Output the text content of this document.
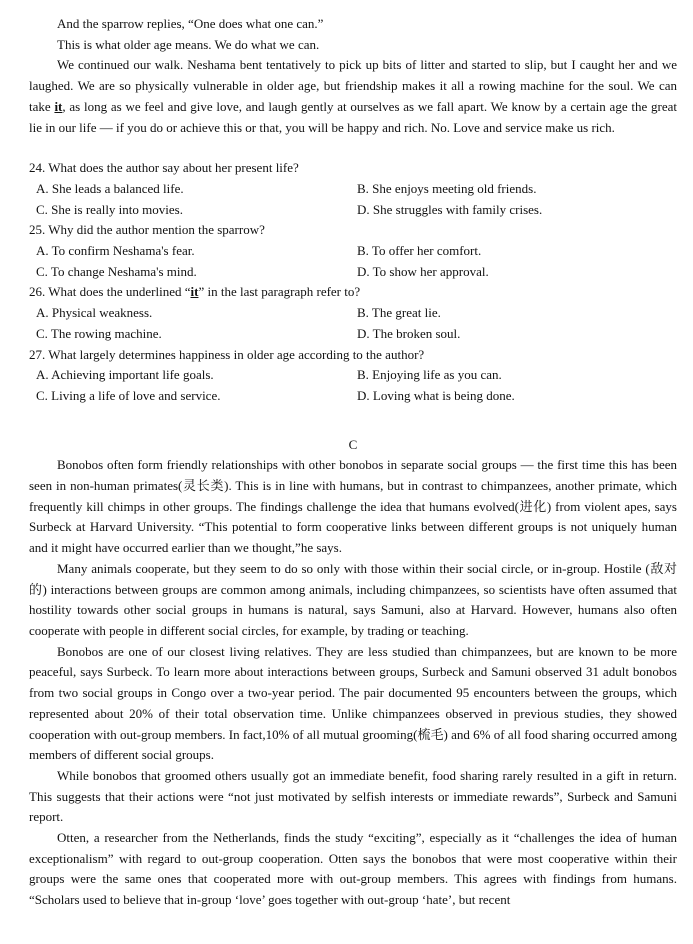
And the sparrow replies, “One does what one can.”

This is what older age means. We do what we can.

We continued our walk. Neshama bent tentatively to pick up bits of litter and started to slip, but I caught her and we laughed. We are so physically vulnerable in older age, but friendship makes it all a rowing machine for the soul. We can take it, as long as we feel and give love, and laugh gently at ourselves as we fall apart. We know by a certain age the great lie in our life — if you do or achieve this or that, you will be happy and rich. No. Love and service make us rich.

24. What does the author say about her present life?

A. She leads a balanced life.	B. She enjoys meeting old friends.
C. She is really into movies.	D. She struggles with family crises.

25. Why did the author mention the sparrow?

A. To confirm Neshama's fear.	B. To offer her comfort.
C. To change Neshama's mind.	D. To show her approval.

26. What does the underlined “it” in the last paragraph refer to?

A. Physical weakness.	B. The great lie.
C. The rowing machine.	D. The broken soul.

27. What largely determines happiness in older age according to the author?

A. Achieving important life goals.	B. Enjoying life as you can.
C. Living a life of love and service.	D. Loving what is being done.

C

Bonobos often form friendly relationships with other bonobos in separate social groups — the first time this has been seen in non-human primates(灵长类). This is in line with humans, but in contrast to chimpanzees, another primate, which frequently kill chimps in other groups. The findings challenge the idea that humans evolved(进化) from violent apes, says Surbeck at Harvard University. “This potential to form cooperative links between different groups is not uniquely human and it might have occurred earlier than we thought,”he says.

Many animals cooperate, but they seem to do so only with those within their social circle, or in-group. Hostile (敌对的) interactions between groups are common among animals, including chimpanzees, so scientists have often assumed that hostility towards other social groups in humans is natural, says Samuni, also at Harvard. However, humans also often cooperate with people in different social circles, for example, by trading or teaching.

Bonobos are one of our closest living relatives. They are less studied than chimpanzees, but are known to be more peaceful, says Surbeck. To learn more about interactions between groups, Surbeck and Samuni observed 31 adult bonobos from two social groups in Congo over a two-year period. The pair documented 95 encounters between the groups, which represented about 20% of their total observation time. Unlike chimpanzees observed in previous studies, they showed cooperation with out-group members. In fact,10% of all mutual grooming(梳毛) and 6% of all food sharing occurred among members of different social groups.

While bonobos that groomed others usually got an immediate benefit, food sharing rarely resulted in a gift in return. This suggests that their actions were “not just motivated by selfish interests or immediate rewards”, Surbeck and Samuni report.

Otten, a researcher from the Netherlands, finds the study “exciting”, especially as it “challenges the idea of human exceptionalism” with regard to out-group cooperation. Otten says the bonobos that were most cooperative within their groups were the same ones that cooperated more with out-group members. This agrees with findings from humans. “Scholars used to believe that in-group ‘love’ goes together with out-group ‘hate’, but recent
